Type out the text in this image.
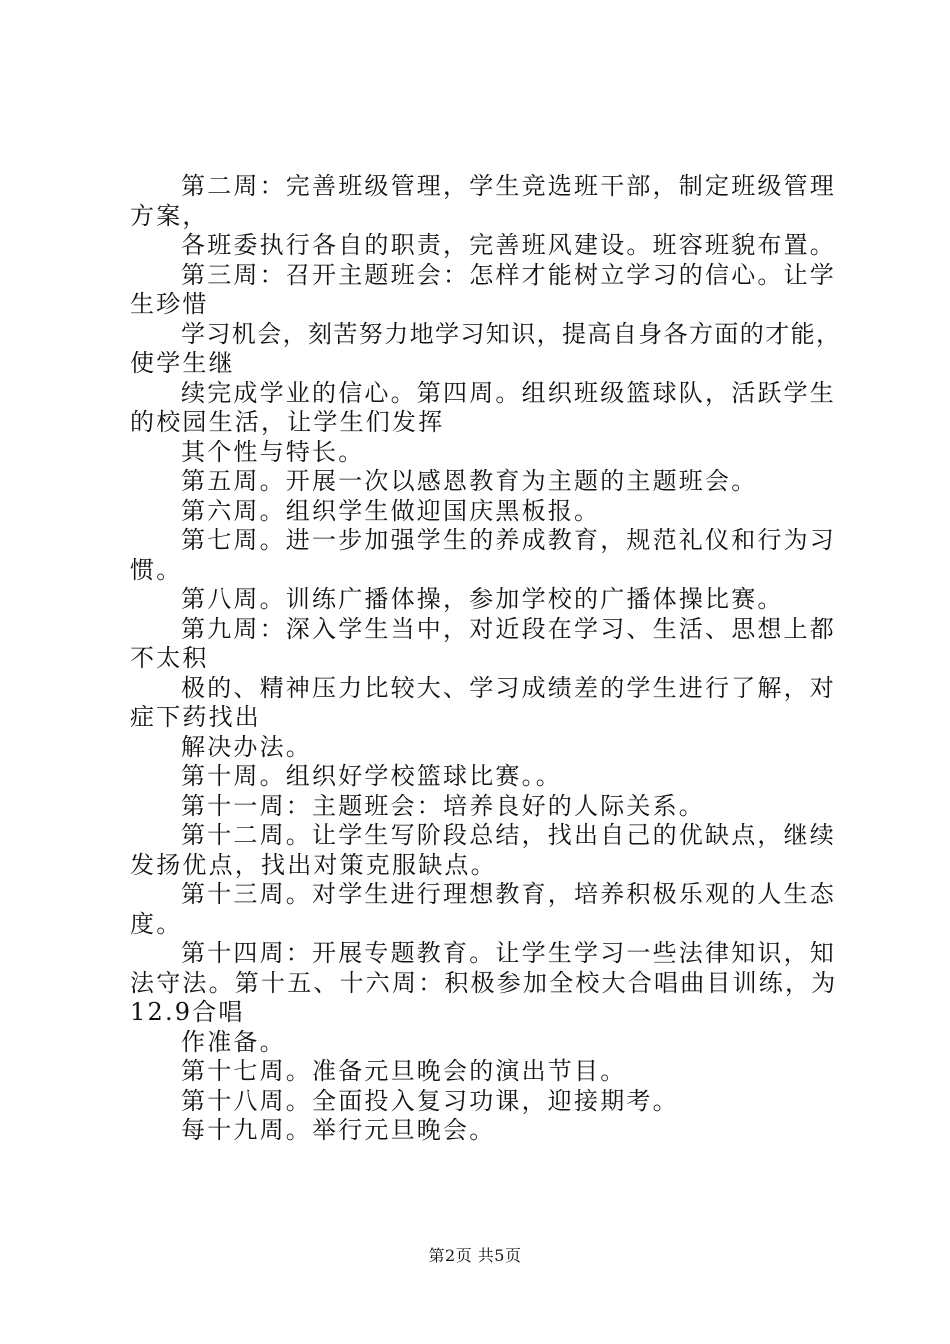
第二周：完善班级管理，学生竞选班干部，制定班级管理
方案，
各班委执行各自的职责，完善班风建设。班容班貌布置。
第三周：召开主题班会：怎样才能树立学习的信心。让学
生珍惜
学习机会，刻苦努力地学习知识，提高自身各方面的才能，
使学生继
续完成学业的信心。第四周。组织班级篮球队，活跃学生
的校园生活，让学生们发挥
其个性与特长。
第五周。开展一次以感恩教育为主题的主题班会。
第六周。组织学生做迎国庆黑板报。
第七周。进一步加强学生的养成教育，规范礼仪和行为习
惯。
第八周。训练广播体操，参加学校的广播体操比赛。
第九周：深入学生当中，对近段在学习、生活、思想上都
不太积
极的、精神压力比较大、学习成绩差的学生进行了解，对
症下药找出
解决办法。
第十周。组织好学校篮球比赛。。
第十一周：主题班会：培养良好的人际关系。
第十二周。让学生写阶段总结，找出自己的优缺点，继续
发扬优点，找出对策克服缺点。
第十三周。对学生进行理想教育，培养积极乐观的人生态
度。
第十四周：开展专题教育。让学生学习一些法律知识，知
法守法。第十五、十六周：积极参加全校大合唱曲目训练，为
12.9合唱
作准备。
第十七周。准备元旦晚会的演出节目。
第十八周。全面投入复习功课，迎接期考。
每十九周。举行元旦晚会。
第2页 共5页
